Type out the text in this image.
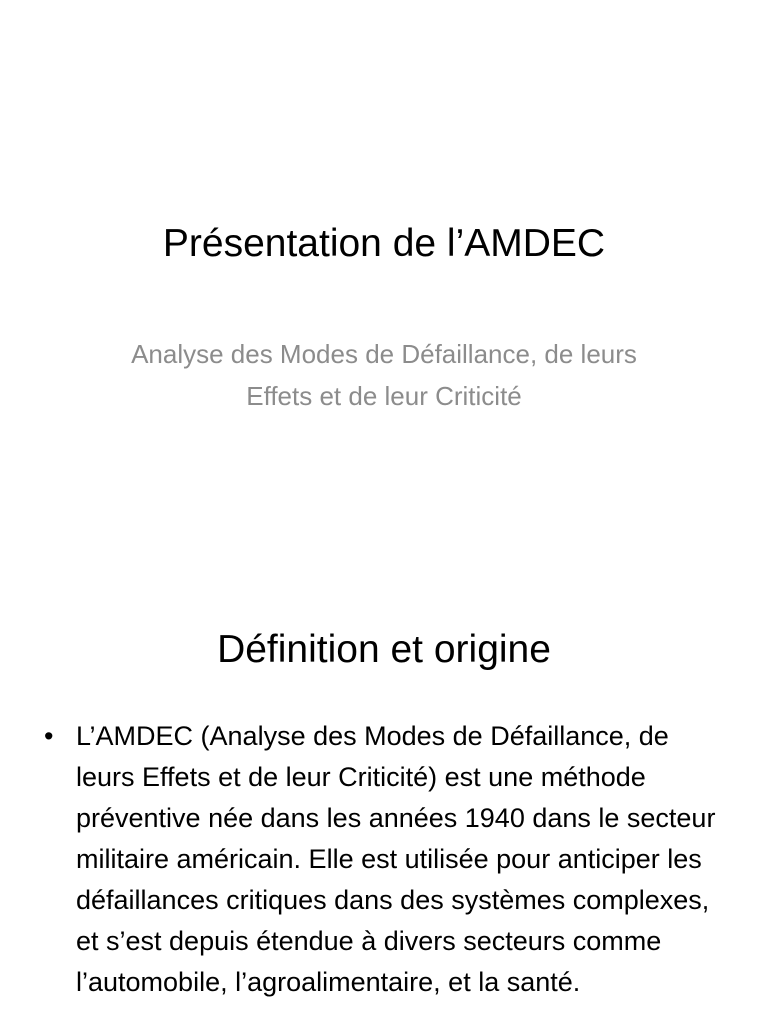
Présentation de l’AMDEC
Analyse des Modes de Défaillance, de leurs Effets et de leur Criticité
Définition et origine
• L’AMDEC (Analyse des Modes de Défaillance, de leurs Effets et de leur Criticité) est une méthode préventive née dans les années 1940 dans le secteur militaire américain. Elle est utilisée pour anticiper les défaillances critiques dans des systèmes complexes, et s’est depuis étendue à divers secteurs comme l’automobile, l’agroalimentaire, et la santé.
